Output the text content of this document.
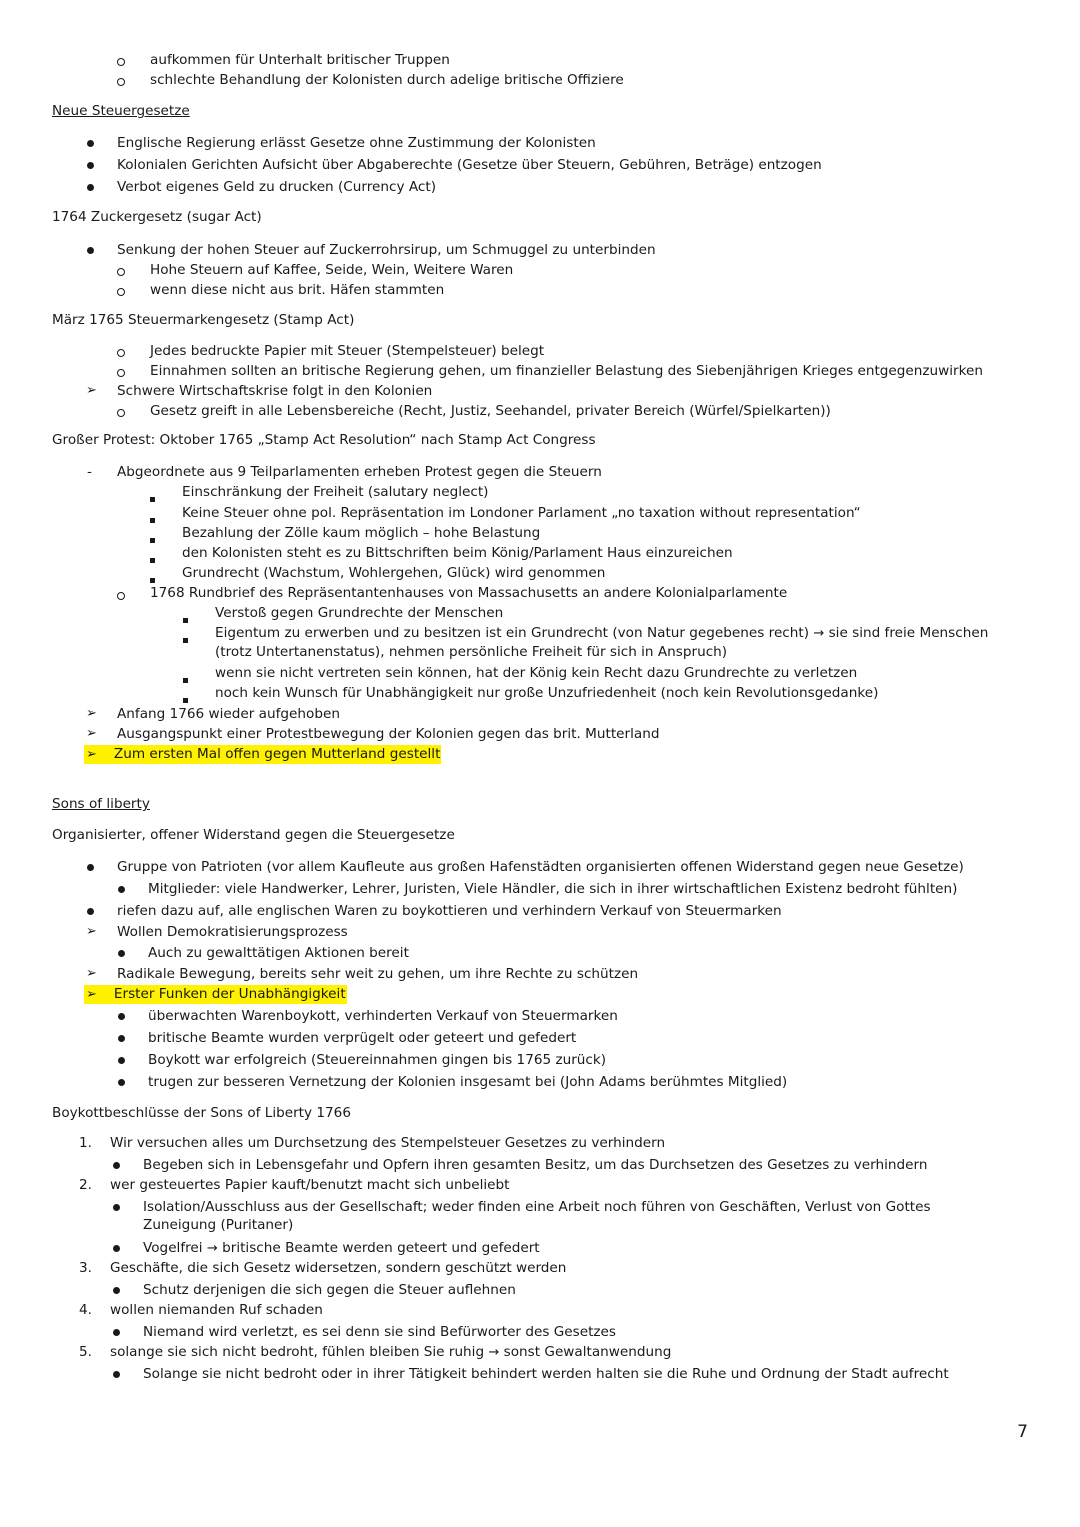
aufkommen für Unterhalt britischer Truppen
schlechte Behandlung der Kolonisten durch adelige britische Offiziere
Neue Steuergesetze
Englische Regierung erlässt Gesetze ohne Zustimmung der Kolonisten
Kolonialen Gerichten Aufsicht über Abgaberechte (Gesetze über Steuern, Gebühren, Beträge) entzogen
Verbot eigenes Geld zu drucken (Currency Act)
1764 Zuckergesetz (sugar Act)
Senkung der hohen Steuer auf Zuckerrohrsirup, um Schmuggel zu unterbinden
Hohe Steuern auf Kaffee, Seide, Wein, Weitere Waren
wenn diese nicht aus brit. Häfen stammten
März 1765 Steuermarkengesetz (Stamp Act)
Jedes bedruckte Papier mit Steuer (Stempelsteuer) belegt
Einnahmen sollten an britische Regierung gehen, um finanzieller Belastung des Siebenjährigen Krieges entgegenzuwirken
➢ Schwere Wirtschaftskrise folgt in den Kolonien
Gesetz greift in alle Lebensbereiche (Recht, Justiz, Seehandel, privater Bereich (Würfel/Spielkarten))
Großer Protest: Oktober 1765 „Stamp Act Resolution“ nach Stamp Act Congress
- Abgeordnete aus 9 Teilparlamenten erheben Protest gegen die Steuern
Einschränkung der Freiheit (salutary neglect)
Keine Steuer ohne pol. Repräsentation im Londoner Parlament „no taxation without representation“
Bezahlung der Zölle kaum möglich – hohe Belastung
den Kolonisten steht es zu Bittschriften beim König/Parlament Haus einzureichen
Grundrecht (Wachstum, Wohlergehen, Glück) wird genommen
1768 Rundbrief des Repräsentantenhauses von Massachusetts an andere Kolonialparlamente
Verstoß gegen Grundrechte der Menschen
Eigentum zu erwerben und zu besitzen ist ein Grundrecht (von Natur gegebenes recht) → sie sind freie Menschen (trotz Untertanenstatus), nehmen persönliche Freiheit für sich in Anspruch)
wenn sie nicht vertreten sein können, hat der König kein Recht dazu Grundrechte zu verletzen
noch kein Wunsch für Unabhängigkeit nur große Unzufriedenheit (noch kein Revolutionsgedanke)
➢ Anfang 1766 wieder aufgehoben
➢ Ausgangspunkt einer Protestbewegung der Kolonien gegen das brit. Mutterland
➢ Zum ersten Mal offen gegen Mutterland gestellt
Sons of liberty
Organisierter, offener Widerstand gegen die Steuergesetze
Gruppe von Patrioten (vor allem Kaufleute aus großen Hafenstädten organisierten offenen Widerstand gegen neue Gesetze)
Mitglieder: viele Handwerker, Lehrer, Juristen, Viele Händler, die sich in ihrer wirtschaftlichen Existenz bedroht fühlten)
riefen dazu auf, alle englischen Waren zu boykottieren und verhindern Verkauf von Steuermarken
➢ Wollen Demokratisierungsprozess
Auch zu gewalttätigen Aktionen bereit
➢ Radikale Bewegung, bereits sehr weit zu gehen, um ihre Rechte zu schützen
➢ Erster Funken der Unabhängigkeit
überwachten Warenboykott, verhinderten Verkauf von Steuermarken
britische Beamte wurden verprügelt oder geteert und gefedert
Boykott war erfolgreich (Steuereinnahmen gingen bis 1765 zurück)
trugen zur besseren Vernetzung der Kolonien insgesamt bei (John Adams berühmtes Mitglied)
Boykottbeschlüsse der Sons of Liberty 1766
1. Wir versuchen alles um Durchsetzung des Stempelsteuer Gesetzes zu verhindern
Begeben sich in Lebensgefahr und Opfern ihren gesamten Besitz, um das Durchsetzen des Gesetzes zu verhindern
2. wer gesteuertes Papier kauft/benutzt macht sich unbeliebt
Isolation/Ausschluss aus der Gesellschaft; weder finden eine Arbeit noch führen von Geschäften, Verlust von Gottes Zuneigung (Puritaner)
Vogelfrei → britische Beamte werden geteert und gefedert
3. Geschäfte, die sich Gesetz widersetzen, sondern geschützt werden
Schutz derjenigen die sich gegen die Steuer auflehnen
4. wollen niemanden Ruf schaden
Niemand wird verletzt, es sei denn sie sind Befürworter des Gesetzes
5. solange sie sich nicht bedroht, fühlen bleiben Sie ruhig → sonst Gewaltanwendung
Solange sie nicht bedroht oder in ihrer Tätigkeit behindert werden halten sie die Ruhe und Ordnung der Stadt aufrecht
7
